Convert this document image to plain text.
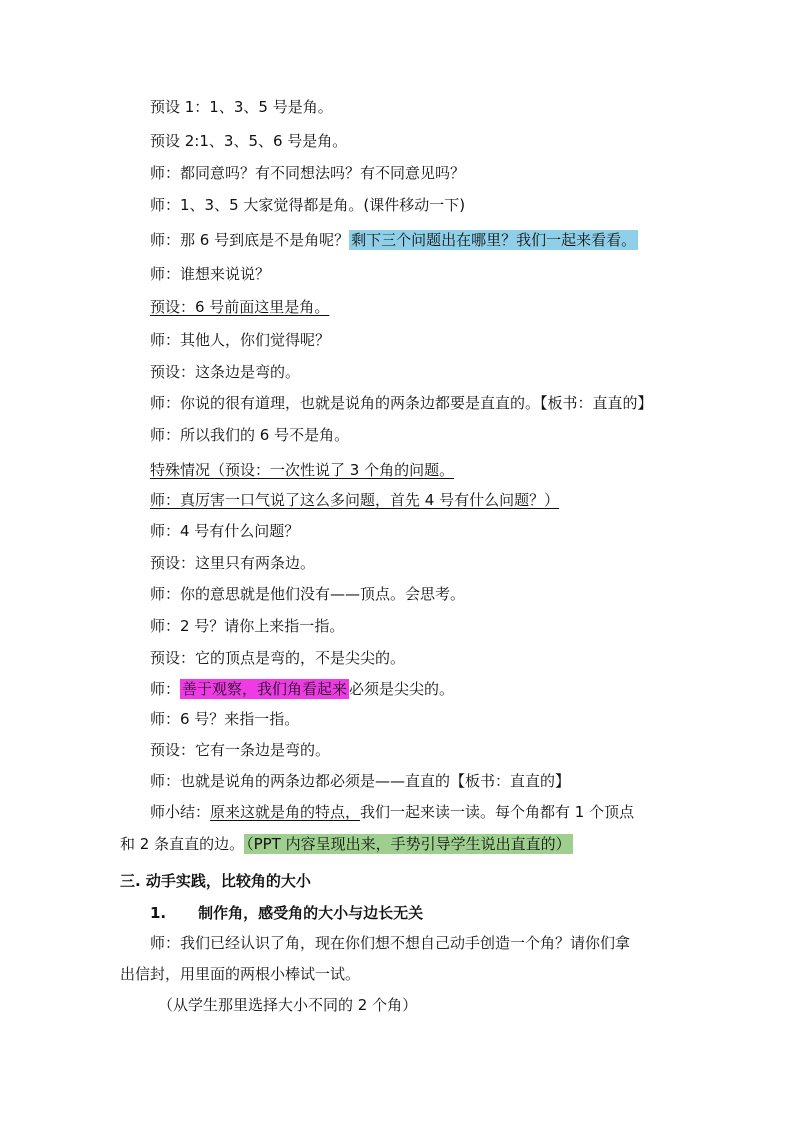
预设 1：1、3、5 号是角。
预设 2:1、3、5、6 号是角。
师：都同意吗？有不同想法吗？有不同意见吗？
师：1、3、5 大家觉得都是角。(课件移动一下)
师：那 6 号到底是不是角呢？ 剩下三个问题出在哪里？我们一起来看看。
师：谁想来说说？
预设：6 号前面这里是角。
师：其他人，你们觉得呢？
预设：这条边是弯的。
师：你说的很有道理，也就是说角的两条边都要是直直的。【板书：直直的】
师：所以我们的 6 号不是角。
特殊情况（预设：一次性说了 3 个角的问题。
师：真厉害一口气说了这么多问题，首先 4 号有什么问题？）
师：4 号有什么问题？
预设：这里只有两条边。
师：你的意思就是他们没有——顶点。会思考。
师：2 号？请你上来指一指。
预设：它的顶点是弯的，不是尖尖的。
师： 善于观察，我们角看起来 必须是尖尖的。
师：6 号？来指一指。
预设：它有一条边是弯的。
师：也就是说角的两条边都必须是——直直的【板书：直直的】
师小结：原来这就是角的特点，我们一起来读一读。每个角都有 1 个顶点
和 2 条直直的边。 （PPT 内容呈现出来，手势引导学生说出直直的）
三. 动手实践，比较角的大小
1. 制作角，感受角的大小与边长无关
师：我们已经认识了角，现在你们想不想自己动手创造一个角？请你们拿
出信封，用里面的两根小棒试一试。
（从学生那里选择大小不同的 2 个角）
